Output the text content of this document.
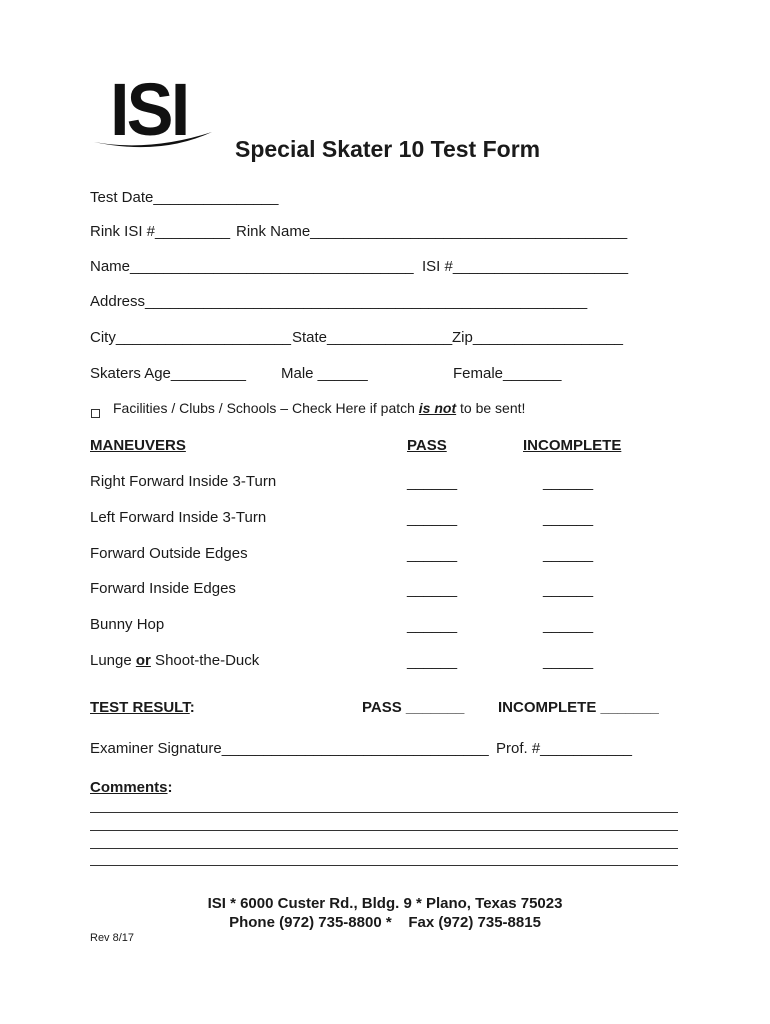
ISI Special Skater 10 Test Form
Test Date_______________
Rink ISI #_________ Rink Name______________________________________
Name__________________________________ ISI #_____________________
Address_____________________________________________________
City_____________________ State_______________ Zip__________________
Skaters Age_________ Male ______	Female_______
Facilities / Clubs / Schools – Check Here if patch is not to be sent!
MANEUVERS	PASS	INCOMPLETE
Right Forward Inside 3-Turn	______	______
Left Forward Inside 3-Turn	______	______
Forward Outside Edges	______	______
Forward Inside Edges	______	______
Bunny Hop	______	______
Lunge or Shoot-the-Duck	______	______
TEST RESULT:	PASS _______ INCOMPLETE _______
Examiner Signature________________________________ Prof. #___________
Comments:
ISI * 6000 Custer Rd., Bldg. 9 * Plano, Texas 75023
Phone (972) 735-8800 *    Fax (972) 735-8815
Rev 8/17
